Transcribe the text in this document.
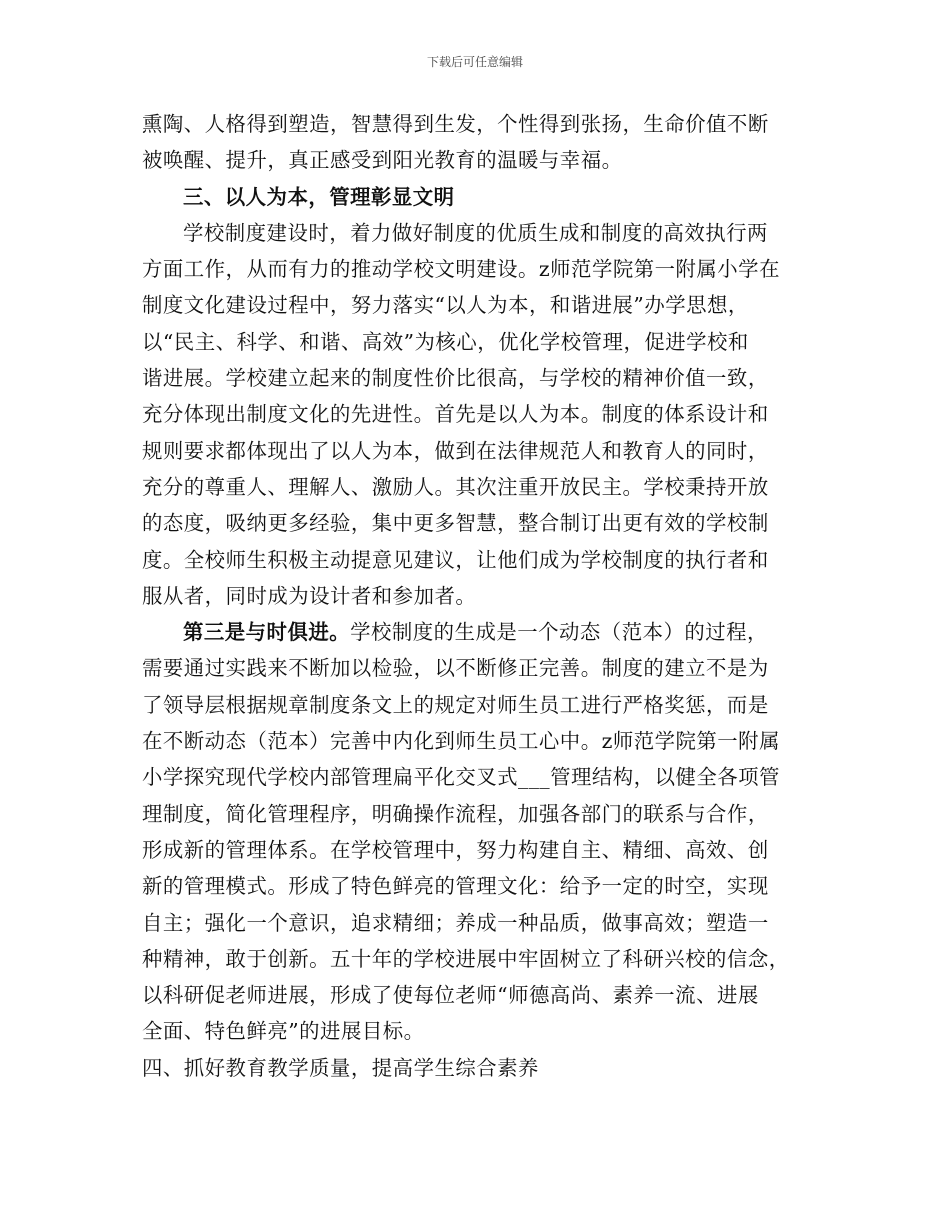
下载后可任意编辑
熏陶、人格得到塑造，智慧得到生发，个性得到张扬，生命价值不断
被唤醒、提升，真正感受到阳光教育的温暖与幸福。
三、以人为本，管理彰显文明
学校制度建设时，着力做好制度的优质生成和制度的高效执行两
方面工作，从而有力的推动学校文明建设。z师范学院第一附属小学在
制度文化建设过程中，努力落实“以人为本，和谐进展”办学思想，
以“民主、科学、和谐、高效”为核心，优化学校管理，促进学校和
谐进展。学校建立起来的制度性价比很高，与学校的精神价值一致，
充分体现出制度文化的先进性。首先是以人为本。制度的体系设计和
规则要求都体现出了以人为本，做到在法律规范人和教育人的同时，
充分的尊重人、理解人、激励人。其次注重开放民主。学校秉持开放
的态度，吸纳更多经验，集中更多智慧，整合制订出更有效的学校制
度。全校师生积极主动提意见建议，让他们成为学校制度的执行者和
服从者，同时成为设计者和参加者。
第三是与时俱进。学校制度的生成是一个动态（范本）的过程，
需要通过实践来不断加以检验，以不断修正完善。制度的建立不是为
了领导层根据规章制度条文上的规定对师生员工进行严格奖惩，而是
在不断动态（范本）完善中内化到师生员工心中。z师范学院第一附属
小学探究现代学校内部管理扁平化交叉式___管理结构，以健全各项管
理制度，简化管理程序，明确操作流程，加强各部门的联系与合作，
形成新的管理体系。在学校管理中，努力构建自主、精细、高效、创
新的管理模式。形成了特色鲜亮的管理文化：给予一定的时空，实现
自主；强化一个意识，追求精细；养成一种品质，做事高效；塑造一
种精神，敢于创新。五十年的学校进展中牢固树立了科研兴校的信念，
以科研促老师进展，形成了使每位老师“师德高尚、素养一流、进展
全面、特色鲜亮”的进展目标。
四、抓好教育教学质量，提高学生综合素养
